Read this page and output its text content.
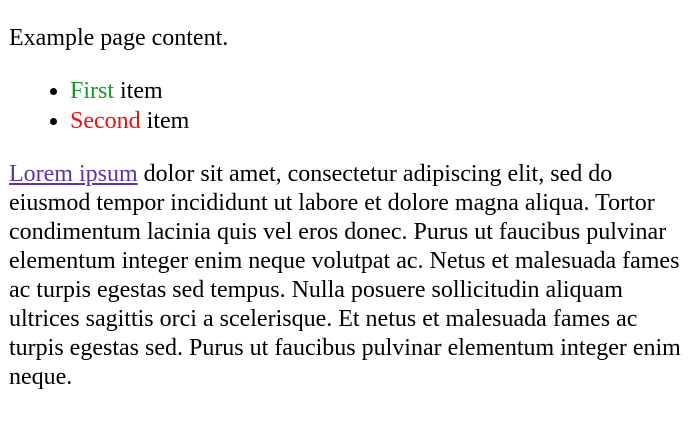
Example page content.

• First item
• Second item

Lorem ipsum dolor sit amet, consectetur adipiscing elit, sed do eiusmod tempor incididunt ut labore et dolore magna aliqua. Tortor condimentum lacinia quis vel eros donec. Purus ut faucibus pulvinar elementum integer enim neque volutpat ac. Netus et malesuada fames ac turpis egestas sed tempus. Nulla posuere sollicitudin aliquam ultrices sagittis orci a scelerisque. Et netus et malesuada fames ac turpis egestas sed. Purus ut faucibus pulvinar elementum integer enim neque.
